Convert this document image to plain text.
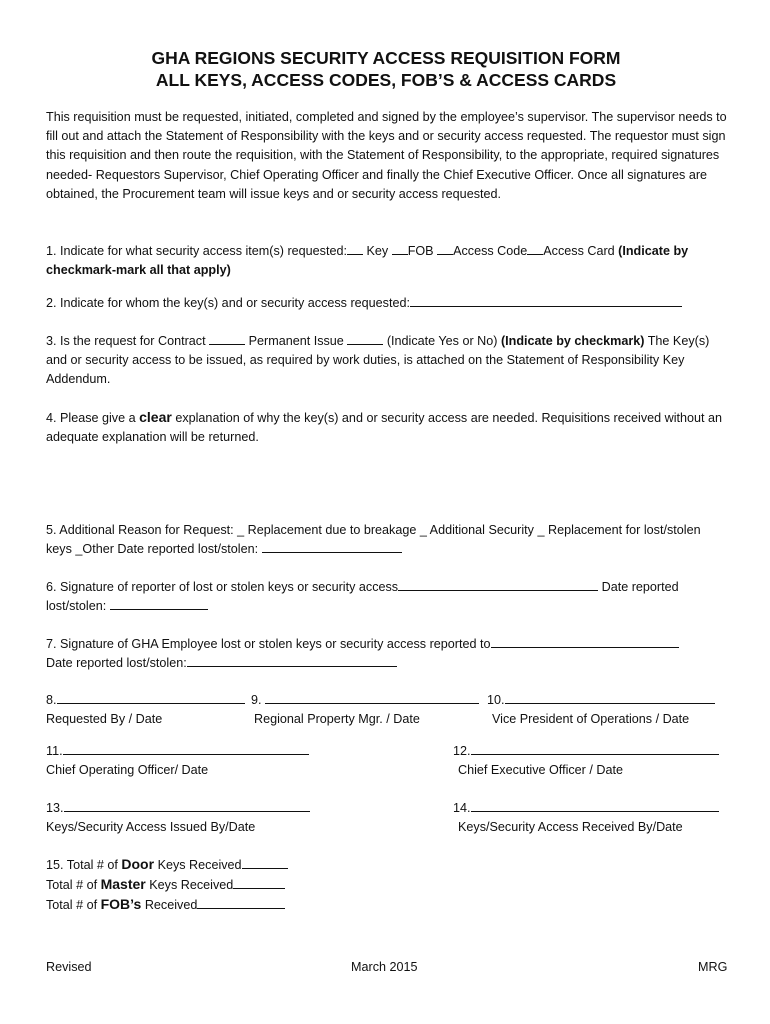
GHA REGIONS SECURITY ACCESS REQUISITION FORM
ALL KEYS, ACCESS CODES, FOB’S & ACCESS CARDS

This requisition must be requested, initiated, completed and signed by the employee’s supervisor. The supervisor needs to fill out and attach the Statement of Responsibility with the keys and or security access requested. The requestor must sign this requisition and then route the requisition, with the Statement of Responsibility, to the appropriate, required signatures needed- Requestors Supervisor, Chief Operating Officer and finally the Chief Executive Officer. Once all signatures are obtained, the Procurement team will issue keys and or security access requested.

1. Indicate for what security access item(s) requested: Key FOB Access Code Access Card (Indicate by checkmark-mark all that apply)

2. Indicate for whom the key(s) and or security access requested:

3. Is the request for Contract	Permanent Issue	(Indicate Yes or No) (Indicate by checkmark) The Key(s) and or security access to be issued, as required by work duties, is attached on the Statement of Responsibility Key Addendum.

4. Please give a clear explanation of why the key(s) and or security access are needed. Requisitions received without an adequate explanation will be returned.

5. Additional Reason for Request: _ Replacement due to breakage _ Additional Security _ Replacement for lost/stolen keys _Other Date reported lost/stolen:

6. Signature of reporter of lost or stolen keys or security access	Date reported lost/stolen:

7. Signature of GHA Employee lost or stolen keys or security access reported to
Date reported lost/stolen:

8.
Requested By / Date
9.
Regional Property Mgr. / Date
10.
Vice President of Operations / Date
11.
Chief Operating Officer/ Date
12.
Chief Executive Officer / Date
13.
Keys/Security Access Issued By/Date
14.
Keys/Security Access Received By/Date
15. Total # of Door Keys Received
Total # of Master Keys Received
Total # of FOB’s Received
Revised	March 2015	MRG
